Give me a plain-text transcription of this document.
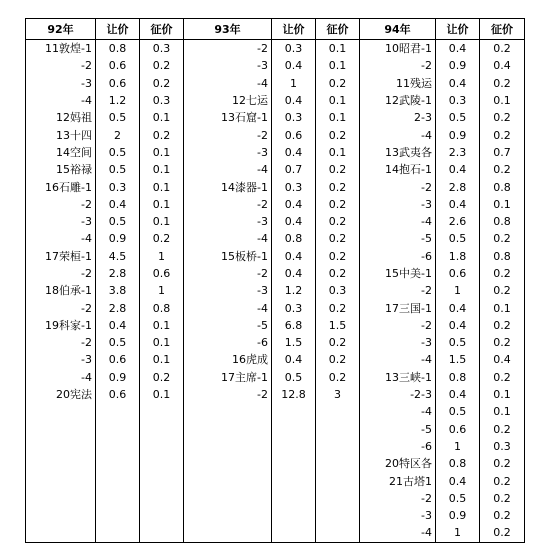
92年	让价	征价	93年	让价	征价	94年	让价	征价
11敦煌-1	0.8	0.3	-2	0.3	0.1	10昭君-1	0.4	0.2
-2	0.6	0.2	-3	0.4	0.1	-2	0.9	0.4
-3	0.6	0.2	-4	1	0.2	11残运	0.4	0.2
-4	1.2	0.3	12七运	0.4	0.1	12武陵-1	0.3	0.1
12妈祖	0.5	0.1	13石窟-1	0.3	0.1	2-3	0.5	0.2
13十四	2	0.2	-2	0.6	0.2	-4	0.9	0.2
14空间	0.5	0.1	-3	0.4	0.1	13武夷各	2.3	0.7
15裕禄	0.5	0.1	-4	0.7	0.2	14抱石-1	0.4	0.2
16石雕-1	0.3	0.1	14漆器-1	0.3	0.2	-2	2.8	0.8
-2	0.4	0.1	-2	0.4	0.2	-3	0.4	0.1
-3	0.5	0.1	-3	0.4	0.2	-4	2.6	0.8
-4	0.9	0.2	-4	0.8	0.2	-5	0.5	0.2
17荣桓-1	4.5	1	15板桥-1	0.4	0.2	-6	1.8	0.8
-2	2.8	0.6	-2	0.4	0.2	15中美-1	0.6	0.2
18伯承-1	3.8	1	-3	1.2	0.3	-2	1	0.2
-2	2.8	0.8	-4	0.3	0.2	17三国-1	0.4	0.1
19科家-1	0.4	0.1	-5	6.8	1.5	-2	0.4	0.2
-2	0.5	0.1	-6	1.5	0.2	-3	0.5	0.2
-3	0.6	0.1	16虎成	0.4	0.2	-4	1.5	0.4
-4	0.9	0.2	17主席-1	0.5	0.2	13三峡-1	0.8	0.2
20宪法	0.6	0.1	-2	12.8	3	-2-3	0.4	0.1
						-4	0.5	0.1
						-5	0.6	0.2
						-6	1	0.3
						20特区各	0.8	0.2
						21古塔1	0.4	0.2
						-2	0.5	0.2
						-3	0.9	0.2
						-4	1	0.2
